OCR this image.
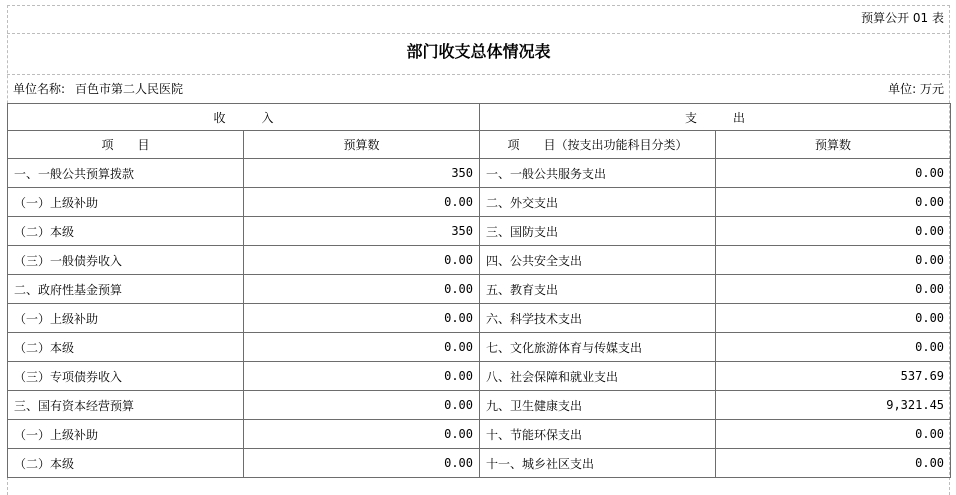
预算公开 01 表
部门收支总体情况表
单位名称: 百色市第二人民医院	单位: 万元
收　　　入		支　　　出	
项　　目	预算数	项　　目（按支出功能科目分类）	预算数
一、一般公共预算拨款	350	一、一般公共服务支出	0.00
（一）上级补助	0.00	二、外交支出	0.00
（二）本级	350	三、国防支出	0.00
（三）一般债券收入	0.00	四、公共安全支出	0.00
二、政府性基金预算	0.00	五、教育支出	0.00
（一）上级补助	0.00	六、科学技术支出	0.00
（二）本级	0.00	七、文化旅游体育与传媒支出	0.00
（三）专项债券收入	0.00	八、社会保障和就业支出	537.69
三、国有资本经营预算	0.00	九、卫生健康支出	9,321.45
（一）上级补助	0.00	十、节能环保支出	0.00
（二）本级	0.00	十一、城乡社区支出	0.00
